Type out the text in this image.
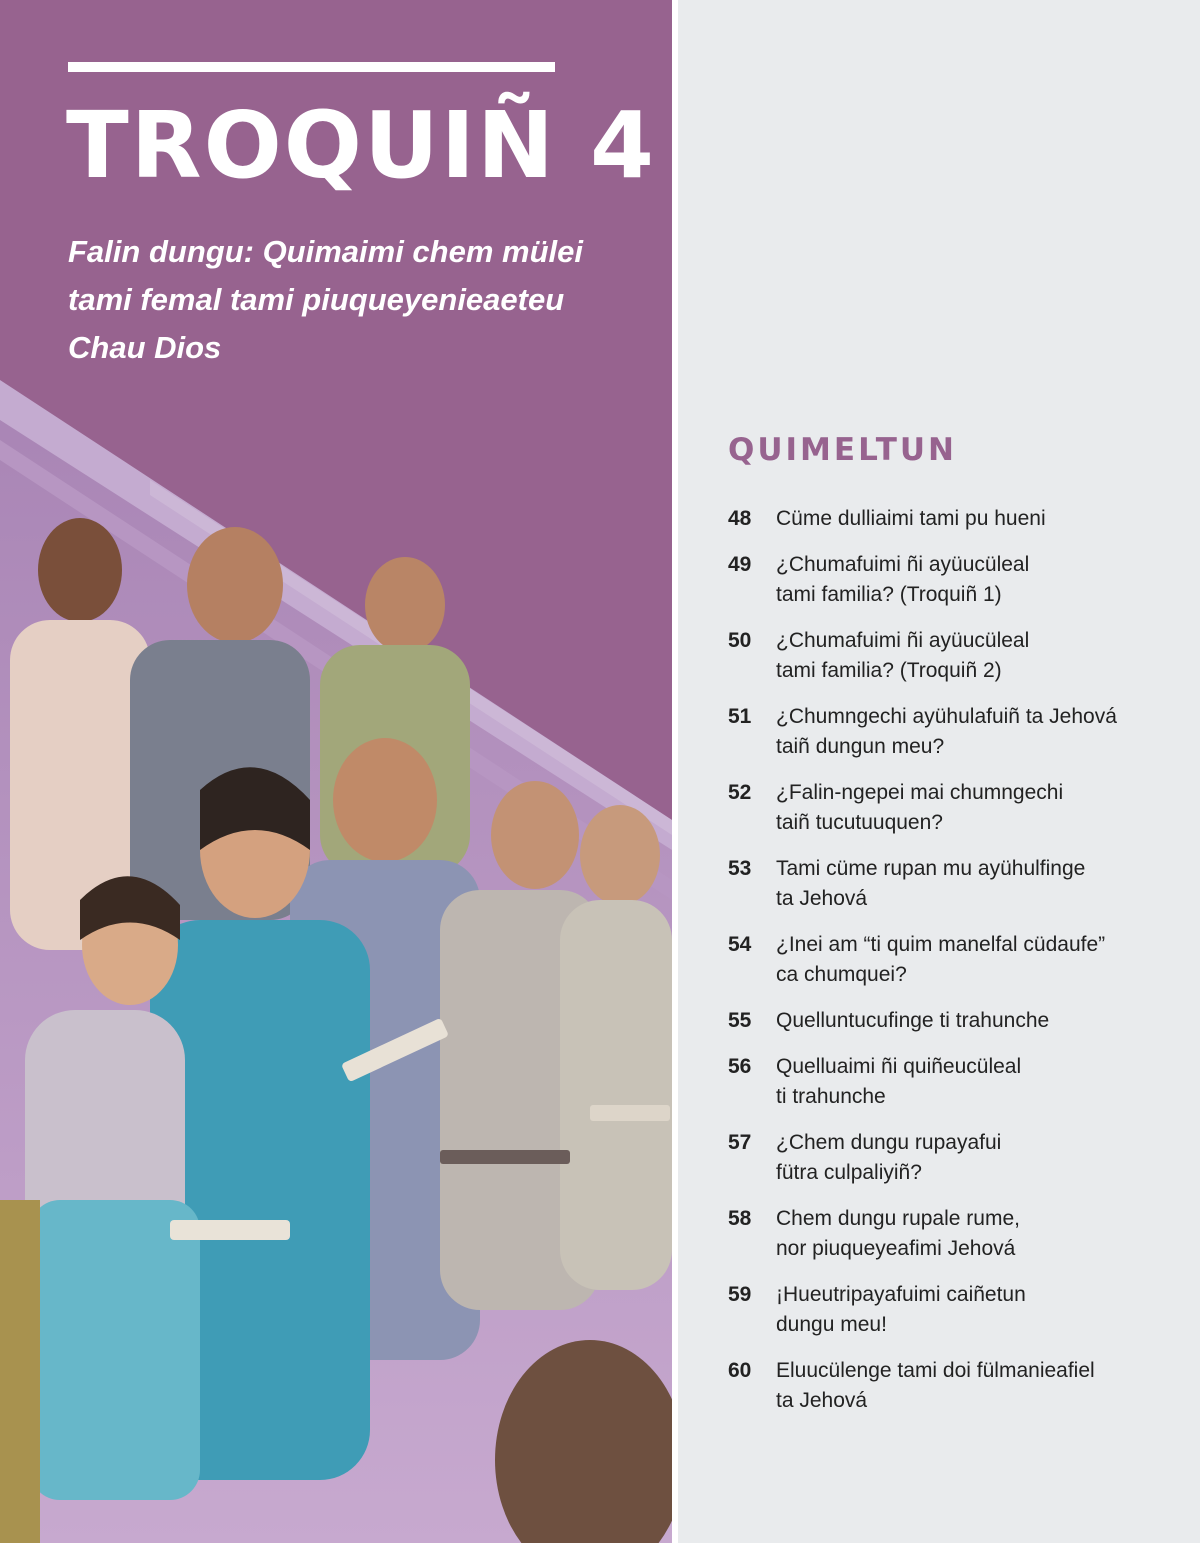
TROQUIÑ 4
Falin dungu: Quimaimi chem mülei tami femal tami piuqueyenieaeteu Chau Dios
QUIMELTUN
48	Cüme dulliaimi tami pu hueni
49	¿Chumafuimi ñi ayüucüleal
tami familia? (Troquiñ 1)
50	¿Chumafuimi ñi ayüucüleal
tami familia? (Troquiñ 2)
51	¿Chumngechi ayühulafuiñ ta Jehová
taiñ dungun meu?
52	¿Falin-ngepei mai chumngechi
taiñ tucutuuquen?
53	Tami cüme rupan mu ayühulfinge
ta Jehová
54	¿Inei am “ti quim manelfal cüdaufe”
ca chumquei?
55	Quelluntucufinge ti trahunche
56	Quelluaimi ñi quiñeucüleal
ti trahunche
57	¿Chem dungu rupayafui
fütra culpaliyiñ?
58	Chem dungu rupale rume,
nor piuqueyeafimi Jehová
59	¡Hueutripayafuimi caiñetun
dungu meu!
60	Eluucülenge tami doi fülmanieafiel
ta Jehová
